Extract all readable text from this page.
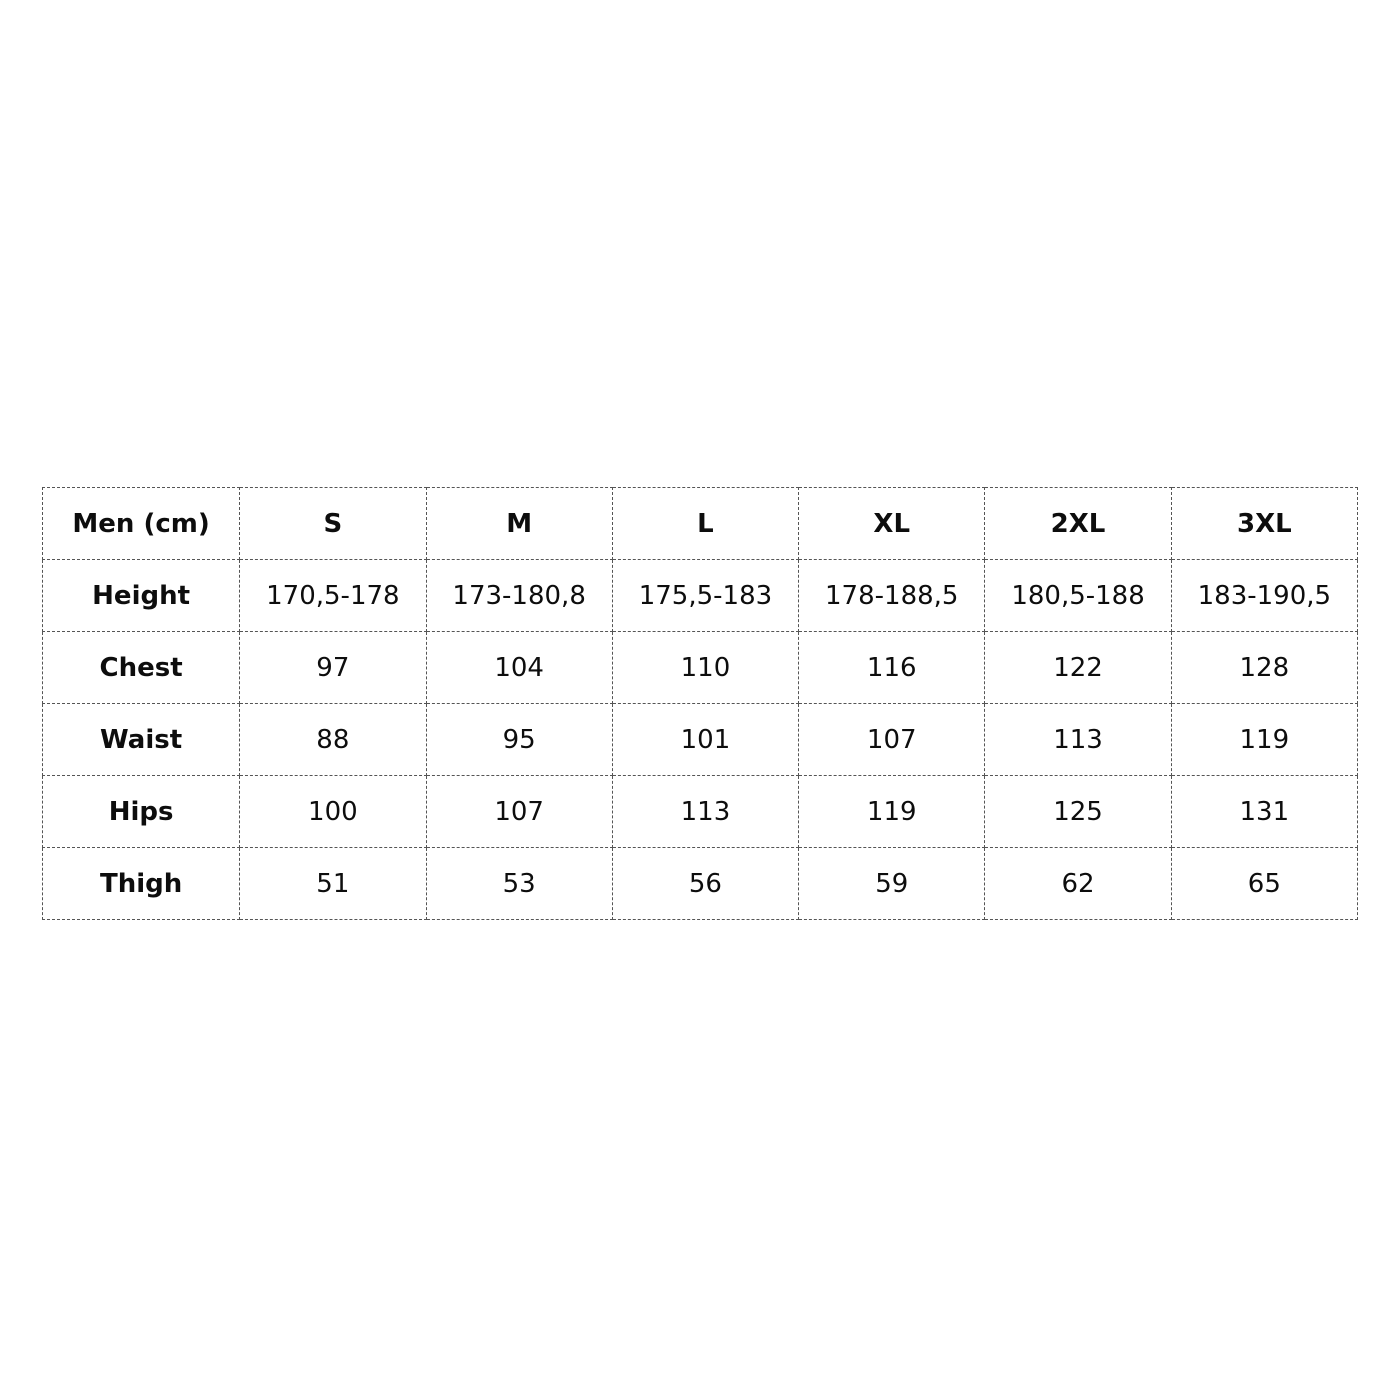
Men (cm)	S	M	L	XL	2XL	3XL
Height	170,5-178	173-180,8	175,5-183	178-188,5	180,5-188	183-190,5
Chest	97	104	110	116	122	128
Waist	88	95	101	107	113	119
Hips	100	107	113	119	125	131
Thigh	51	53	56	59	62	65
